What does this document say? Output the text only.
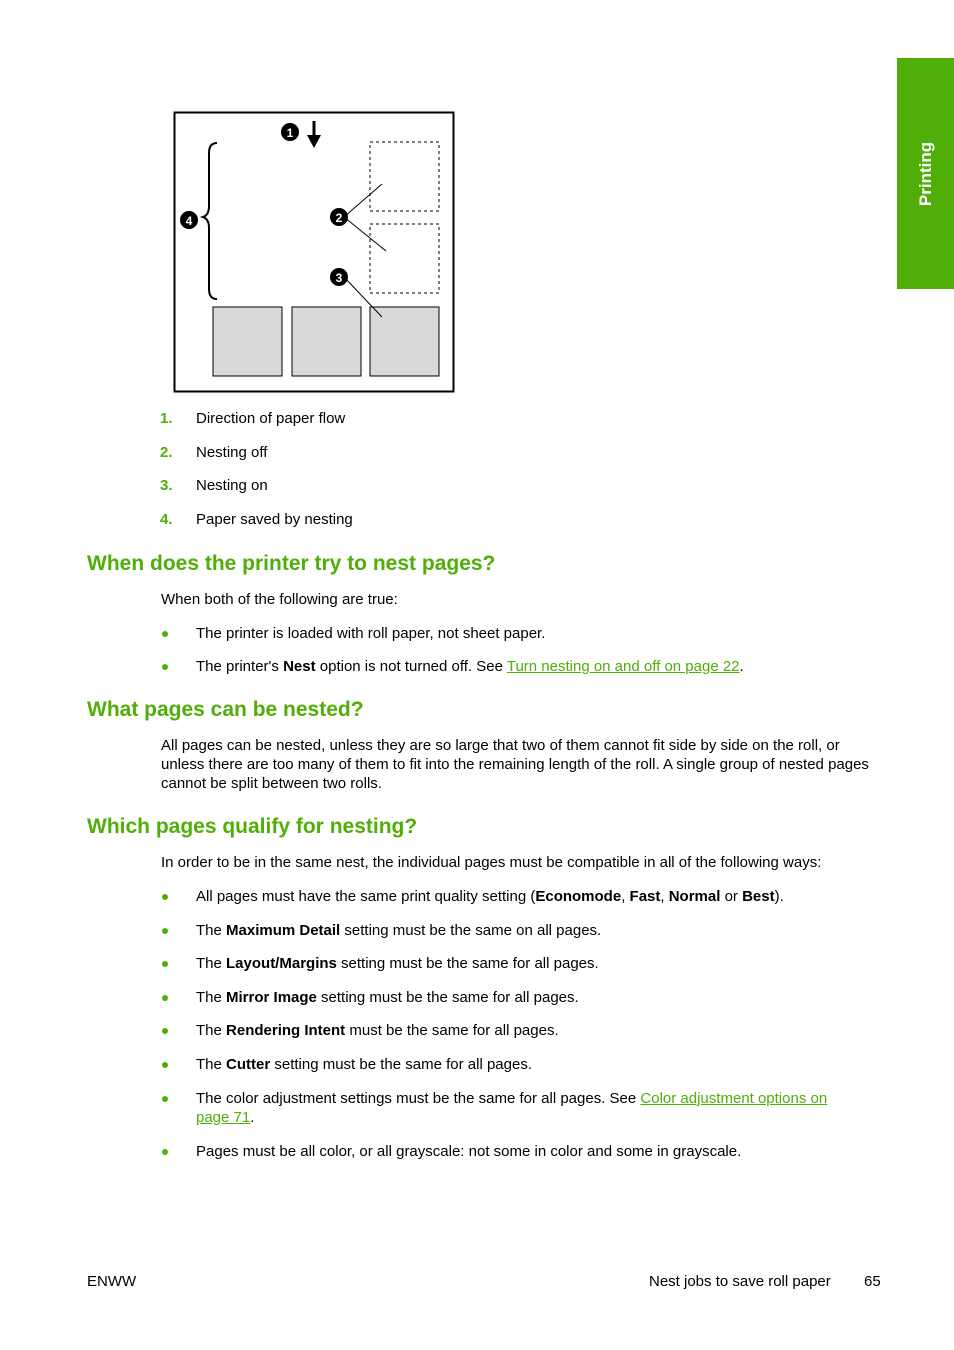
Printing
1
2
3
4
1.	Direction of paper flow
2.	Nesting off
3.	Nesting on
4.	Paper saved by nesting
When does the printer try to nest pages?

When both of the following are true:

The printer is loaded with roll paper, not sheet paper.
The printer's Nest option is not turned off. See Turn nesting on and off on page 22.
What pages can be nested?

All pages can be nested, unless they are so large that two of them cannot fit side by side on the roll, or unless there are too many of them to fit into the remaining length of the roll. A single group of nested pages cannot be split between two rolls.

Which pages qualify for nesting?

In order to be in the same nest, the individual pages must be compatible in all of the following ways:

All pages must have the same print quality setting (Economode, Fast, Normal or Best).
The Maximum Detail setting must be the same on all pages.
The Layout/Margins setting must be the same for all pages.
The Mirror Image setting must be the same for all pages.
The Rendering Intent must be the same for all pages.
The Cutter setting must be the same for all pages.
The color adjustment settings must be the same for all pages. See Color adjustment options on page 71.
Pages must be all color, or all grayscale: not some in color and some in grayscale.
ENWW	Nest jobs to save roll paper 65
